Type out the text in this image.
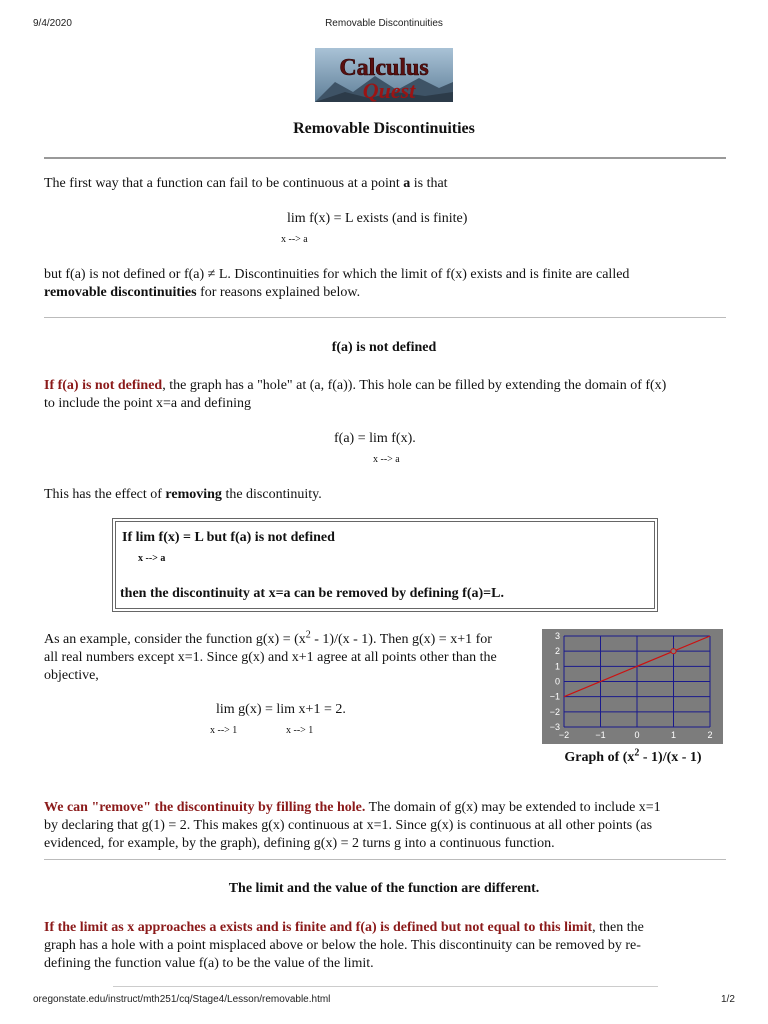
9/4/2020	Removable Discontinuities
Calculus
Quest
Removable Discontinuities
The first way that a function can fail to be continuous at a point a is that
lim f(x) = L exists (and is finite)
x --> a
but f(a) is not defined or f(a) ≠ L. Discontinuities for which the limit of f(x) exists and is finite are called
removable discontinuities for reasons explained below.
f(a) is not defined
If f(a) is not defined, the graph has a "hole" at (a, f(a)). This hole can be filled by extending the domain of f(x)
to include the point x=a and defining
f(a) = lim f(x).
x --> a
This has the effect of removing the discontinuity.
If lim f(x) = L but f(a) is not defined
x --> a
then the discontinuity at x=a can be removed by defining f(a)=L.
As an example, consider the function $g(x) = (x^2 - 1)/(x - 1)$. Then g(x) = x+1 for
all real numbers except x=1. Since g(x) and x+1 agree at all points other than the
objective,
lim g(x) = lim x+1 = 2.
x --> 1	x --> 1
3
2
1
0
−1
−2
−3
−2	−1	0	1	2
Graph of $(x^2 - 1)/(x - 1)$
We can "remove" the discontinuity by filling the hole. The domain of g(x) may be extended to include x=1
by declaring that g(1) = 2. This makes g(x) continuous at x=1. Since g(x) is continuous at all other points (as
evidenced, for example, by the graph), defining g(x) = 2 turns g into a continuous function.
The limit and the value of the function are different.
If the limit as x approaches a exists and is finite and f(a) is defined but not equal to this limit, then the
graph has a hole with a point misplaced above or below the hole. This discontinuity can be removed by re-
defining the function value f(a) to be the value of the limit.
oregonstate.edu/instruct/mth251/cq/Stage4/Lesson/removable.html	1/2
